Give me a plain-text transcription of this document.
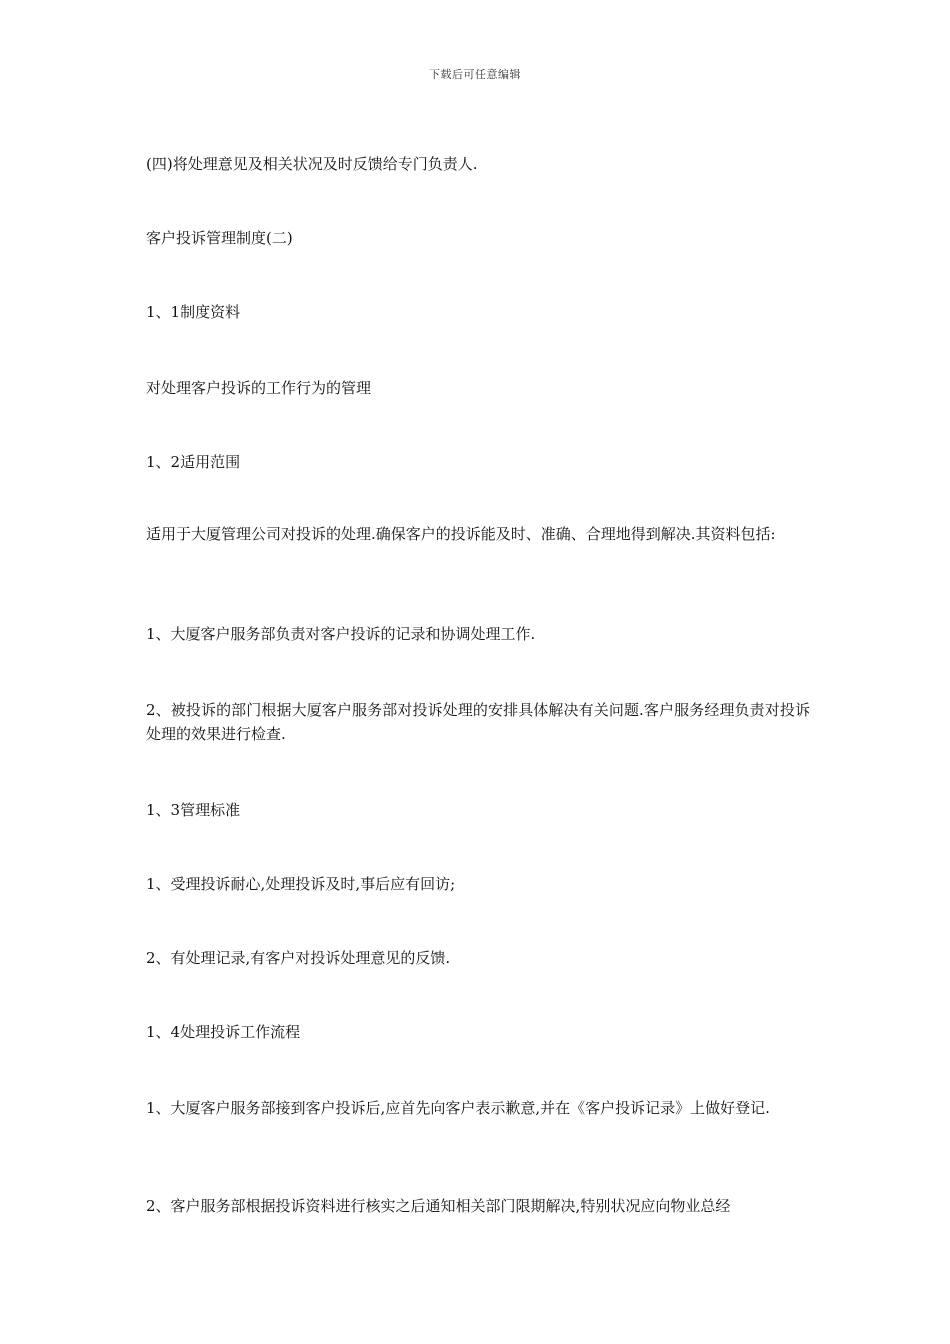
下载后可任意编辑
(四)将处理意见及相关状况及时反馈给专门负责人.
客户投诉管理制度(二)
1、1制度资料
对处理客户投诉的工作行为的管理
1、2适用范围
适用于大厦管理公司对投诉的处理.确保客户的投诉能及时、准确、合理地得到解决.其资料包括:
1、大厦客户服务部负责对客户投诉的记录和协调处理工作.
2、被投诉的部门根据大厦客户服务部对投诉处理的安排具体解决有关问题.客户服务经理负责对投诉处理的效果进行检查.
1、3管理标准
1、受理投诉耐心,处理投诉及时,事后应有回访;
2、有处理记录,有客户对投诉处理意见的反馈.
1、4处理投诉工作流程
1、大厦客户服务部接到客户投诉后,应首先向客户表示歉意,并在《客户投诉记录》上做好登记.
2、客户服务部根据投诉资料进行核实之后通知相关部门限期解决,特别状况应向物业总经
